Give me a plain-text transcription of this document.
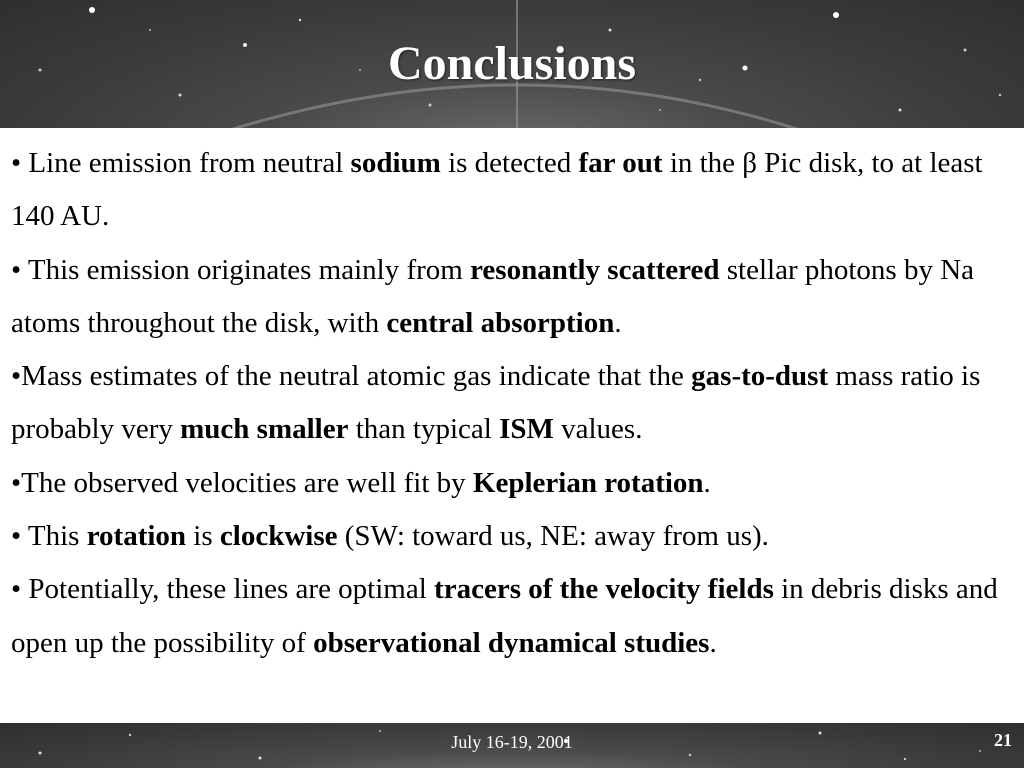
Conclusions

• Line emission from neutral sodium is detected far out in the β Pic disk, to at least 140 AU.

• This emission originates mainly from resonantly scattered stellar photons by Na atoms throughout the disk, with central absorption.

•Mass estimates of the neutral atomic gas indicate that the gas-to-dust mass ratio is probably very much smaller than typical ISM values.

•The observed velocities are well fit by Keplerian rotation.

• This rotation is clockwise (SW: toward us, NE: away from us).

• Potentially, these lines are optimal tracers of the velocity fields in debris disks and open up the possibility of observational dynamical studies.

July 16-19, 2001	21
